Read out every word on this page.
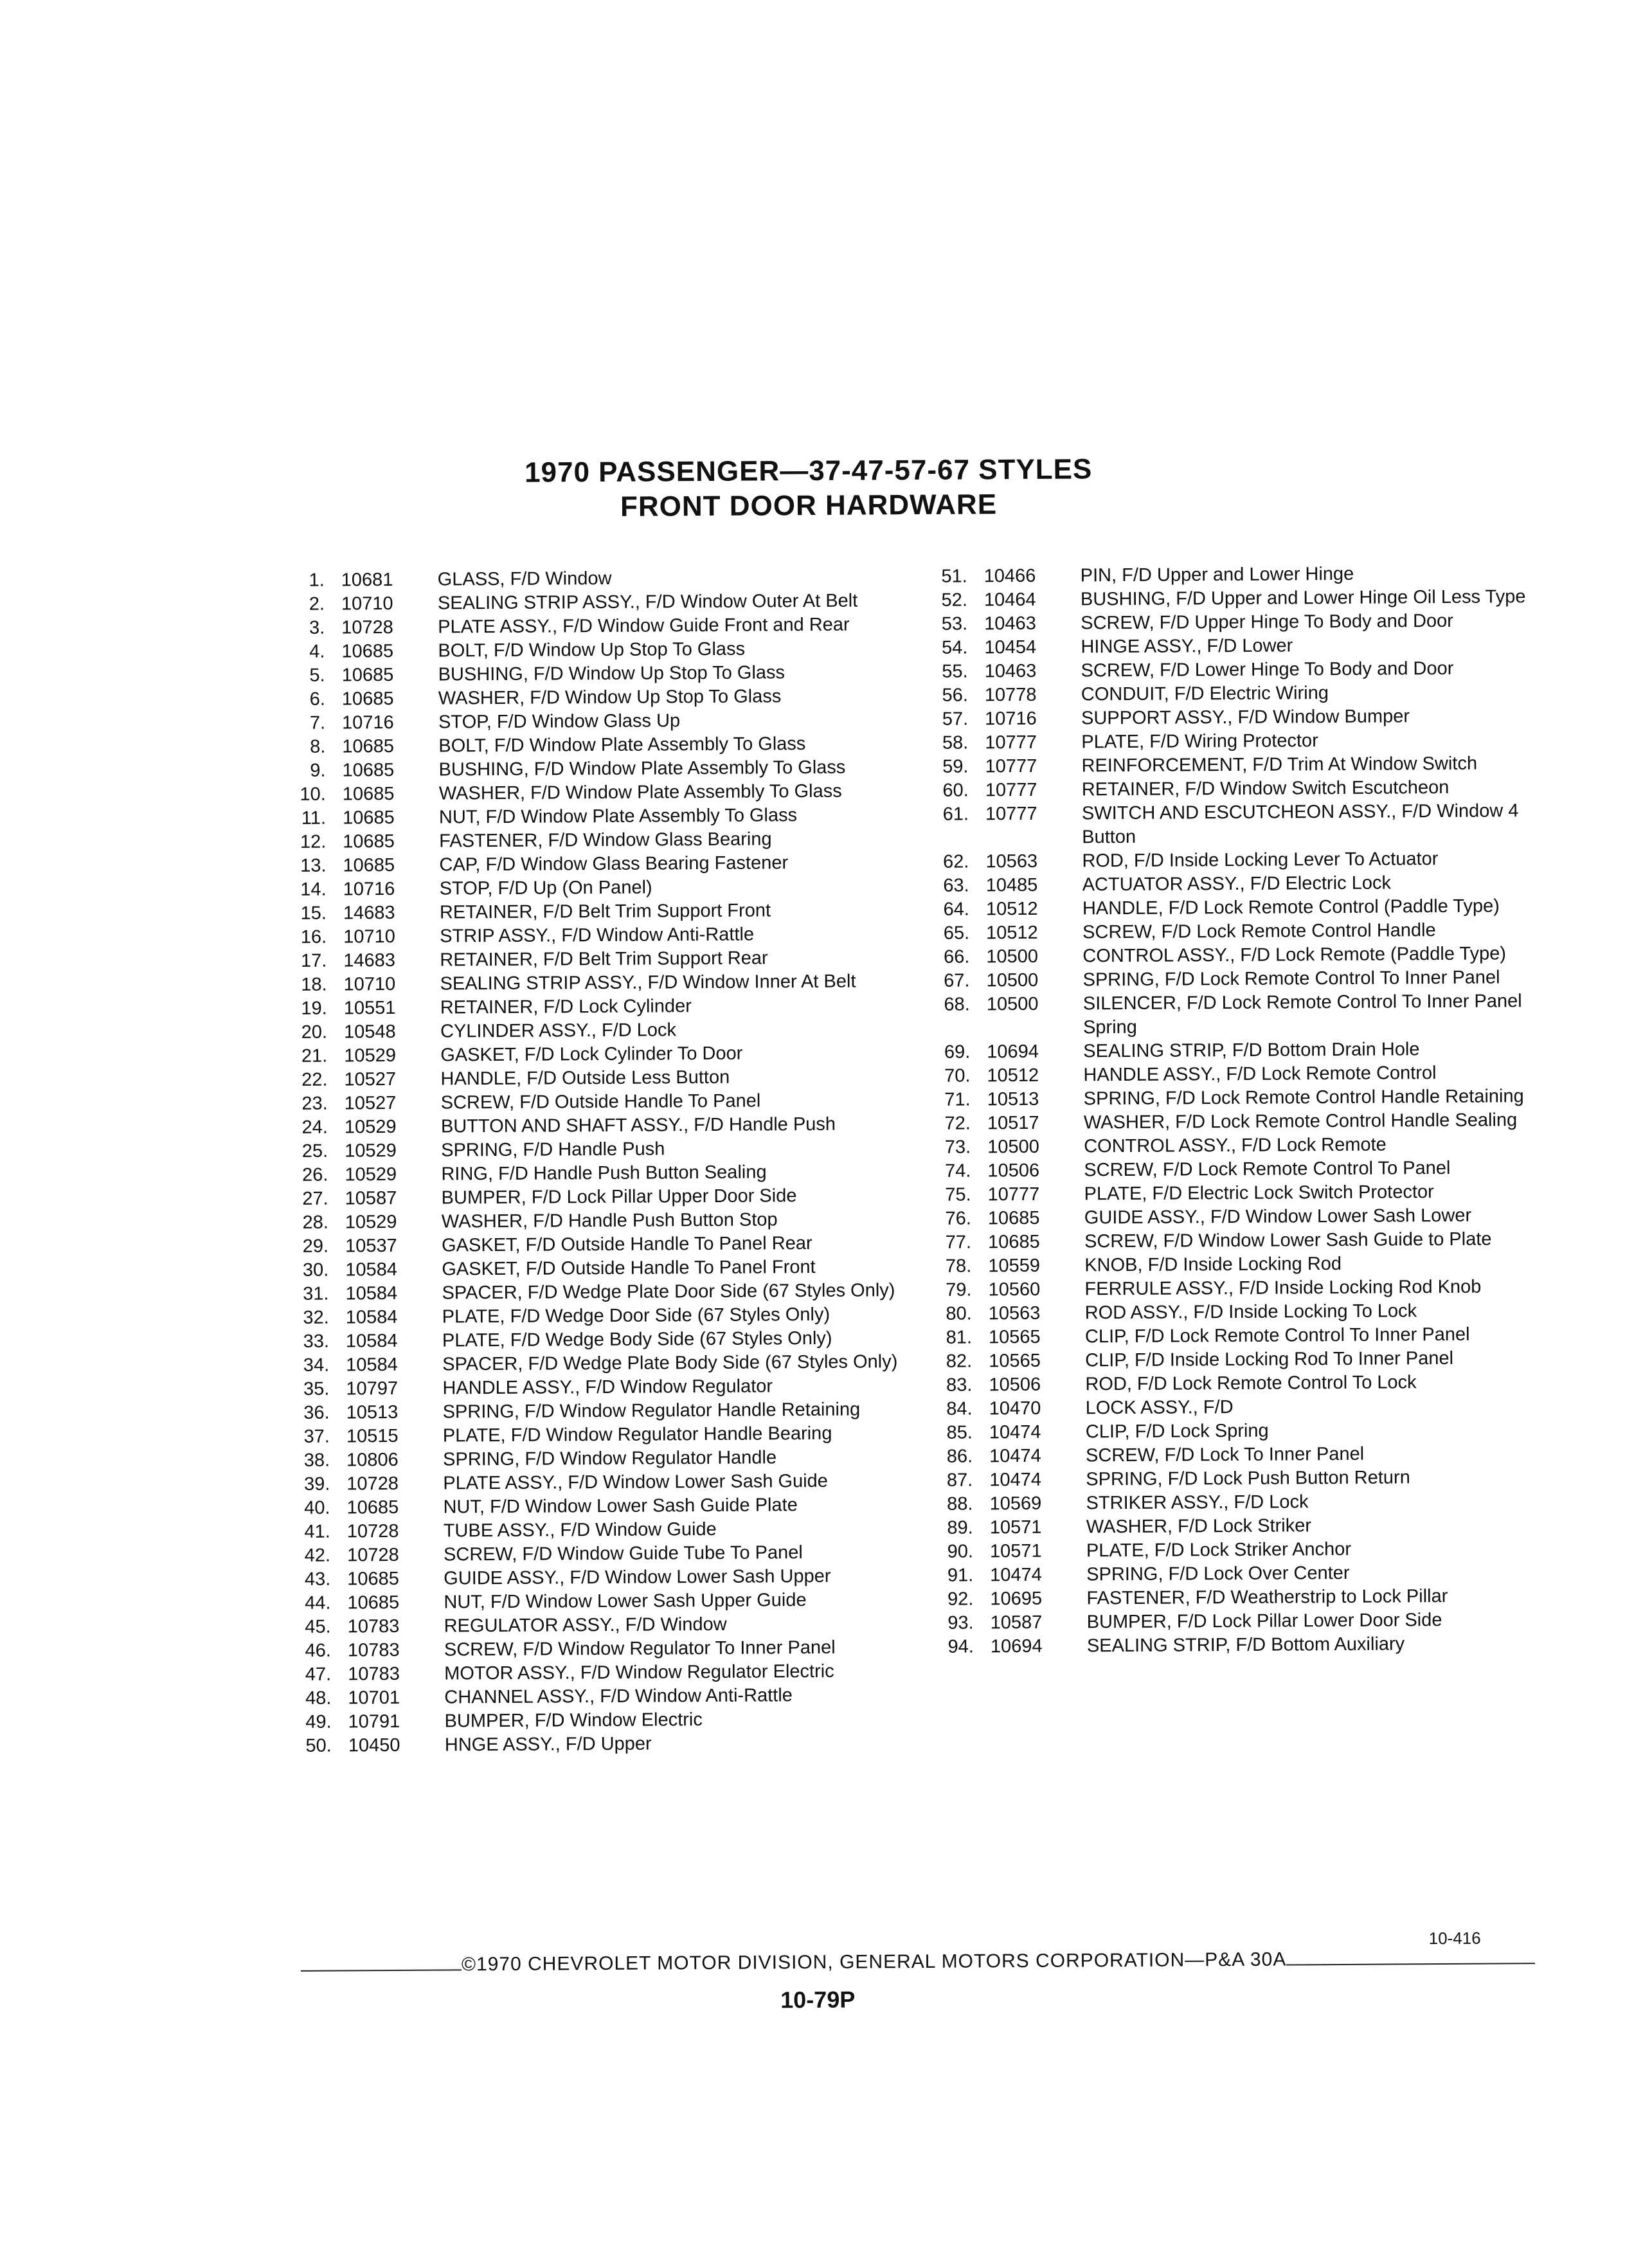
1970 PASSENGER—37-47-57-67 STYLES
FRONT DOOR HARDWARE
1. 10681	GLASS, F/D Window
2. 10710	SEALING STRIP ASSY., F/D Window Outer At Belt
3. 10728	PLATE ASSY., F/D Window Guide Front and Rear
4. 10685	BOLT, F/D Window Up Stop To Glass
5. 10685	BUSHING, F/D Window Up Stop To Glass
6. 10685	WASHER, F/D Window Up Stop To Glass
7. 10716	STOP, F/D Window Glass Up
8. 10685	BOLT, F/D Window Plate Assembly To Glass
9. 10685	BUSHING, F/D Window Plate Assembly To Glass
10. 10685	WASHER, F/D Window Plate Assembly To Glass
11. 10685	NUT, F/D Window Plate Assembly To Glass
12. 10685	FASTENER, F/D Window Glass Bearing
13. 10685	CAP, F/D Window Glass Bearing Fastener
14. 10716	STOP, F/D Up (On Panel)
15. 14683	RETAINER, F/D Belt Trim Support Front
16. 10710	STRIP ASSY., F/D Window Anti-Rattle
17. 14683	RETAINER, F/D Belt Trim Support Rear
18. 10710	SEALING STRIP ASSY., F/D Window Inner At Belt
19. 10551	RETAINER, F/D Lock Cylinder
20. 10548	CYLINDER ASSY., F/D Lock
21. 10529	GASKET, F/D Lock Cylinder To Door
22. 10527	HANDLE, F/D Outside Less Button
23. 10527	SCREW, F/D Outside Handle To Panel
24. 10529	BUTTON AND SHAFT ASSY., F/D Handle Push
25. 10529	SPRING, F/D Handle Push
26. 10529	RING, F/D Handle Push Button Sealing
27. 10587	BUMPER, F/D Lock Pillar Upper Door Side
28. 10529	WASHER, F/D Handle Push Button Stop
29. 10537	GASKET, F/D Outside Handle To Panel Rear
30. 10584	GASKET, F/D Outside Handle To Panel Front
31. 10584	SPACER, F/D Wedge Plate Door Side (67 Styles Only)
32. 10584	PLATE, F/D Wedge Door Side (67 Styles Only)
33. 10584	PLATE, F/D Wedge Body Side (67 Styles Only)
34. 10584	SPACER, F/D Wedge Plate Body Side (67 Styles Only)
35. 10797	HANDLE ASSY., F/D Window Regulator
36. 10513	SPRING, F/D Window Regulator Handle Retaining
37. 10515	PLATE, F/D Window Regulator Handle Bearing
38. 10806	SPRING, F/D Window Regulator Handle
39. 10728	PLATE ASSY., F/D Window Lower Sash Guide
40. 10685	NUT, F/D Window Lower Sash Guide Plate
41. 10728	TUBE ASSY., F/D Window Guide
42. 10728	SCREW, F/D Window Guide Tube To Panel
43. 10685	GUIDE ASSY., F/D Window Lower Sash Upper
44. 10685	NUT, F/D Window Lower Sash Upper Guide
45. 10783	REGULATOR ASSY., F/D Window
46. 10783	SCREW, F/D Window Regulator To Inner Panel
47. 10783	MOTOR ASSY., F/D Window Regulator Electric
48. 10701	CHANNEL ASSY., F/D Window Anti-Rattle
49. 10791	BUMPER, F/D Window Electric
50. 10450	HNGE ASSY., F/D Upper
51. 10466	PIN, F/D Upper and Lower Hinge
52. 10464	BUSHING, F/D Upper and Lower Hinge Oil Less Type
53. 10463	SCREW, F/D Upper Hinge To Body and Door
54. 10454	HINGE ASSY., F/D Lower
55. 10463	SCREW, F/D Lower Hinge To Body and Door
56. 10778	CONDUIT, F/D Electric Wiring
57. 10716	SUPPORT ASSY., F/D Window Bumper
58. 10777	PLATE, F/D Wiring Protector
59. 10777	REINFORCEMENT, F/D Trim At Window Switch
60. 10777	RETAINER, F/D Window Switch Escutcheon
61. 10777	SWITCH AND ESCUTCHEON ASSY., F/D Window 4 Button
62. 10563	ROD, F/D Inside Locking Lever To Actuator
63. 10485	ACTUATOR ASSY., F/D Electric Lock
64. 10512	HANDLE, F/D Lock Remote Control (Paddle Type)
65. 10512	SCREW, F/D Lock Remote Control Handle
66. 10500	CONTROL ASSY., F/D Lock Remote (Paddle Type)
67. 10500	SPRING, F/D Lock Remote Control To Inner Panel
68. 10500	SILENCER, F/D Lock Remote Control To Inner Panel Spring
69. 10694	SEALING STRIP, F/D Bottom Drain Hole
70. 10512	HANDLE ASSY., F/D Lock Remote Control
71. 10513	SPRING, F/D Lock Remote Control Handle Retaining
72. 10517	WASHER, F/D Lock Remote Control Handle Sealing
73. 10500	CONTROL ASSY., F/D Lock Remote
74. 10506	SCREW, F/D Lock Remote Control To Panel
75. 10777	PLATE, F/D Electric Lock Switch Protector
76. 10685	GUIDE ASSY., F/D Window Lower Sash Lower
77. 10685	SCREW, F/D Window Lower Sash Guide to Plate
78. 10559	KNOB, F/D Inside Locking Rod
79. 10560	FERRULE ASSY., F/D Inside Locking Rod Knob
80. 10563	ROD ASSY., F/D Inside Locking To Lock
81. 10565	CLIP, F/D Lock Remote Control To Inner Panel
82. 10565	CLIP, F/D Inside Locking Rod To Inner Panel
83. 10506	ROD, F/D Lock Remote Control To Lock
84. 10470	LOCK ASSY., F/D
85. 10474	CLIP, F/D Lock Spring
86. 10474	SCREW, F/D Lock To Inner Panel
87. 10474	SPRING, F/D Lock Push Button Return
88. 10569	STRIKER ASSY., F/D Lock
89. 10571	WASHER, F/D Lock Striker
90. 10571	PLATE, F/D Lock Striker Anchor
91. 10474	SPRING, F/D Lock Over Center
92. 10695	FASTENER, F/D Weatherstrip to Lock Pillar
93. 10587	BUMPER, F/D Lock Pillar Lower Door Side
94. 10694	SEALING STRIP, F/D Bottom Auxiliary
10-416
©1970 CHEVROLET MOTOR DIVISION, GENERAL MOTORS CORPORATION—P&A 30A
10-79P
